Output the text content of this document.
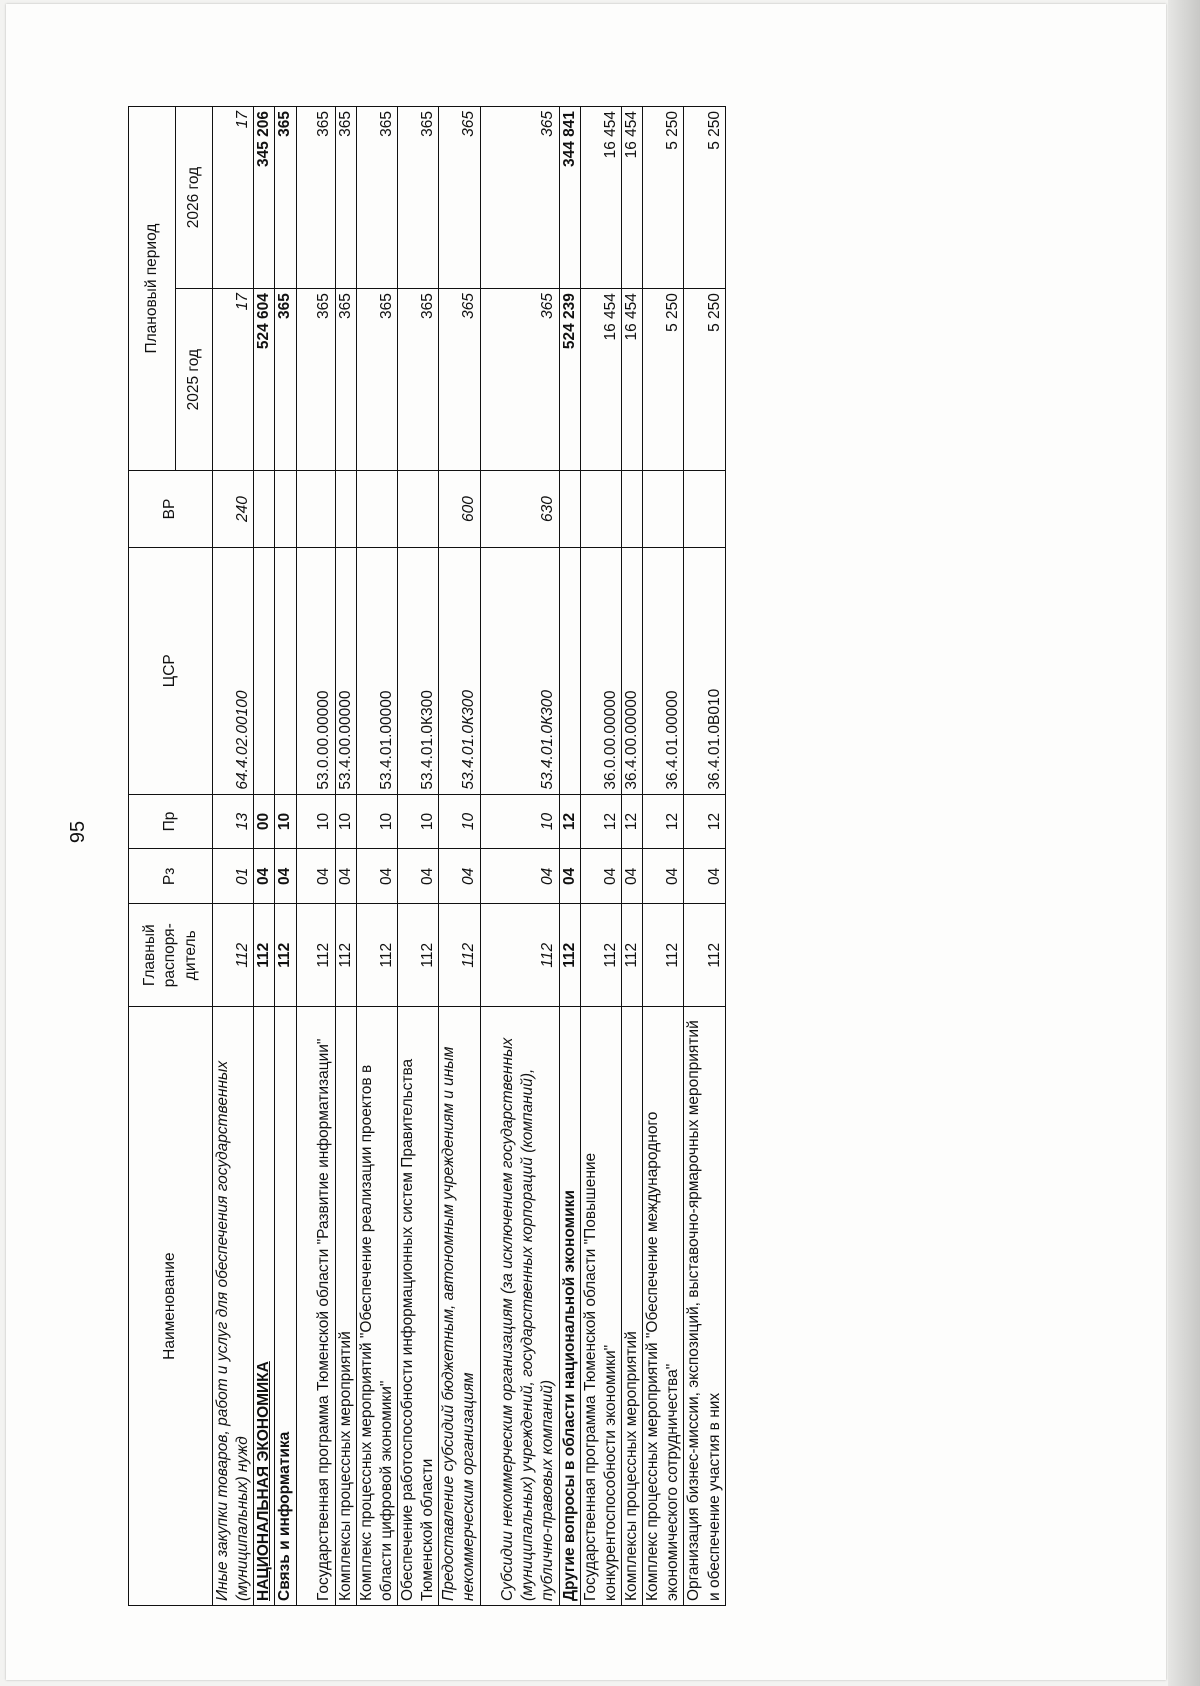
95
Наименование	Главный распоря-дитель	Рз	Пр	ЦСР	ВР	Плановый период	
						2025 год	2026 год
Иные закупки товаров, работ и услуг для обеспечения государственных (муниципальных) нужд	112	01	13	64.4.02.00100	240	17	17
НАЦИОНАЛЬНАЯ ЭКОНОМИКА	112	04	00			524 604	345 206
Связь и информатика	112	04	10			365	365
Государственная программа Тюменской области "Развитие информатизации"	112	04	10	53.0.00.00000		365	365
Комплексы процессных мероприятий	112	04	10	53.4.00.00000		365	365
Комплекс процессных мероприятий "Обеспечение реализации проектов в области цифровой экономики"	112	04	10	53.4.01.00000		365	365
Обеспечение работоспособности информационных систем Правительства Тюменской области	112	04	10	53.4.01.0К300		365	365
Предоставление субсидий бюджетным, автономным учреждениям и иным некоммерческим организациям	112	04	10	53.4.01.0К300	600	365	365
Субсидии некоммерческим организациям (за исключением государственных (муниципальных) учреждений, государственных корпораций (компаний), публично-правовых компаний)	112	04	10	53.4.01.0К300	630	365	365
Другие вопросы в области национальной экономики	112	04	12			524 239	344 841
Государственная программа Тюменской области "Повышение конкурентоспособности экономики"	112	04	12	36.0.00.00000		16 454	16 454
Комплексы процессных мероприятий	112	04	12	36.4.00.00000		16 454	16 454
Комплекс процессных мероприятий "Обеспечение международного экономического сотрудничества"	112	04	12	36.4.01.00000		5 250	5 250
Организация бизнес-миссии, экспозиций, выставочно-ярмарочных мероприятий и обеспечение участия в них	112	04	12	36.4.01.0В010		5 250	5 250
